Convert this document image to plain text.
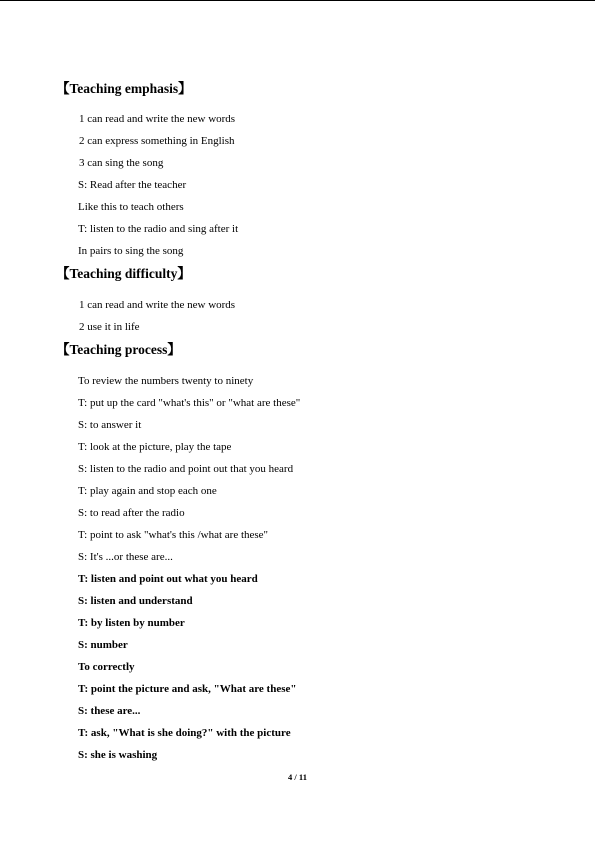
【Teaching emphasis】
1 can read and write the new words
2 can express something in English
3 can sing the song
S: Read after the teacher
Like this to teach others
T: listen to the radio and sing after it
In pairs to sing the song
【Teaching difficulty】
1 can read and write the new words
2 use it in life
【Teaching process】
To review the numbers twenty to ninety
T: put up the card "what's this" or "what are these"
S: to answer it
T: look at the picture, play the tape
S: listen to the radio and point out that you heard
T: play again and stop each one
S: to read after the radio
T: point to ask "what's this /what are these"
S: It's ...or these are...
T: listen and point out what you heard
S: listen and understand
T: by listen by number
S: number
To correctly
T: point the picture and ask, "What are these"
S: these are...
T: ask, "What is she doing?" with the picture
S: she is washing
4 / 11
